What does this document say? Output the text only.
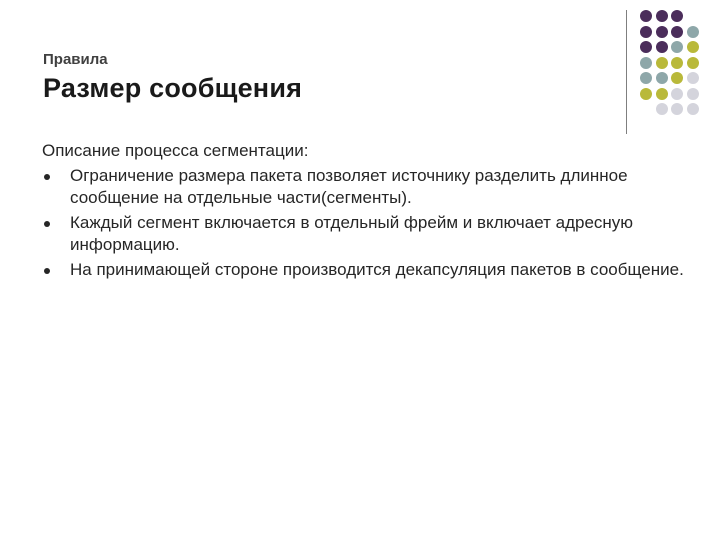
Правила

Размер сообщения

Описание процесса сегментации:

Ограничение размера пакета позволяет источнику разделить длинное сообщение на отдельные части(сегменты).
Каждый сегмент включается в отдельный фрейм и включает адресную информацию.
На принимающей стороне производится декапсуляция пакетов в сообщение.
